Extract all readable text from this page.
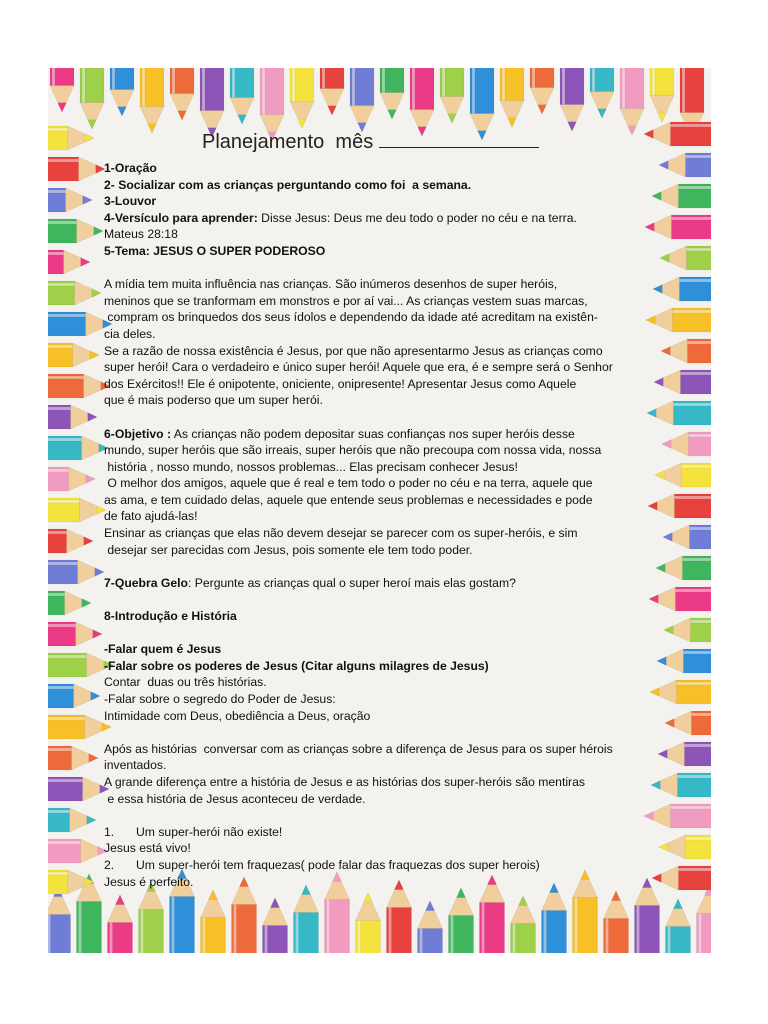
Planejamento  mês

1-Oração

2- Socializar com as crianças perguntando como foi  a semana.

3-Louvor

4-Versículo para aprender: Disse Jesus: Deus me deu todo o poder no céu e na terra.

Mateus 28:18

5-Tema: JESUS O SUPER PODEROSO

A mídia tem muita influência nas crianças. São inúmeros desenhos de super heróis,

meninos que se tranformam em monstros e por aí vai... As crianças vestem suas marcas,

compram os brinquedos dos seus ídolos e dependendo da idade até acreditam na existên-

cia deles.

Se a razão de nossa existência é Jesus, por que não apresentarmo Jesus as crianças como

super herói! Cara o verdadeiro e único super herói! Aquele que era, é e sempre será o Senhor

dos Exércitos!! Ele é onipotente, oniciente, onipresente! Apresentar Jesus como Aquele

que é mais poderso que um super herói.

6-Objetivo : As crianças não podem depositar suas confianças nos super heróis desse

mundo, super heróis que são irreais, super heróis que não precoupa com nossa vida, nossa

história , nosso mundo, nossos problemas... Elas precisam conhecer Jesus!

O melhor dos amigos, aquele que é real e tem todo o poder no céu e na terra, aquele que

as ama, e tem cuidado delas, aquele que entende seus problemas e necessidades e pode

de fato ajudá-las!

Ensinar as crianças que elas não devem desejar se parecer com os super-heróis, e sim

desejar ser parecidas com Jesus, pois somente ele tem todo poder.

7-Quebra Gelo: Pergunte as crianças qual o super heroí mais elas gostam?

8-Introdução e História

-Falar quem é Jesus

-Falar sobre os poderes de Jesus (Citar alguns milagres de Jesus)

Contar  duas ou três histórias.

-Falar sobre o segredo do Poder de Jesus:

Intimidade com Deus, obediência a Deus, oração

Após as histórias  conversar com as crianças sobre a diferença de Jesus para os super hérois

inventados.

A grande diferença entre a história de Jesus e as histórias dos super-heróis são mentiras

e essa história de Jesus aconteceu de verdade.

1. Um super-herói não existe!

Jesus está vivo!

2. Um super-herói tem fraquezas( pode falar das fraquezas dos super herois)

Jesus é perfeito.
